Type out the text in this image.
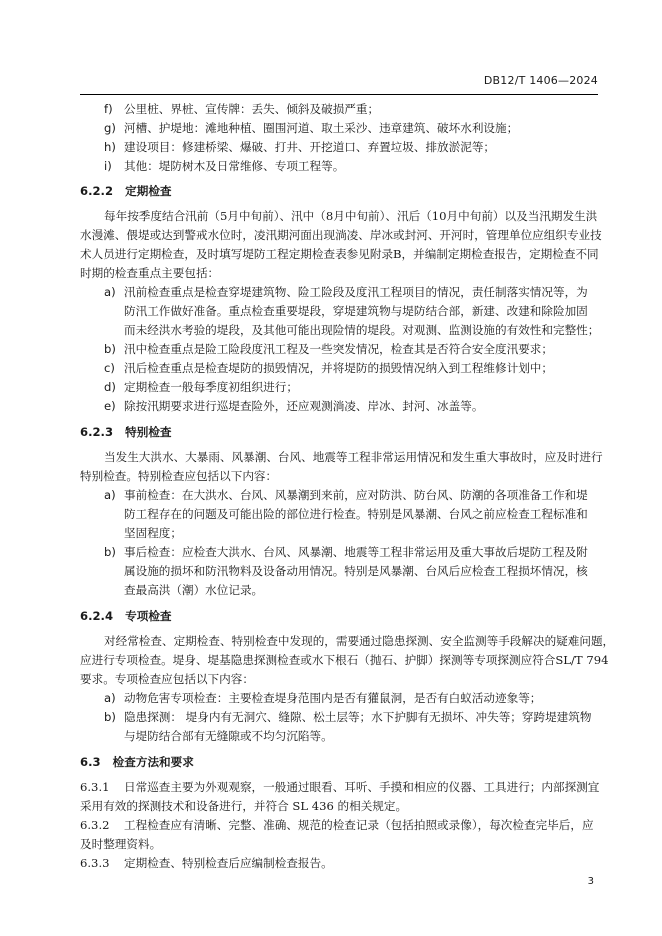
DB12/T 1406—2024
f) 公里桩、界桩、宣传牌：丢失、倾斜及破损严重；
g) 河槽、护堤地：滩地种植、圈围河道、取土采沙、违章建筑、破坏水利设施；
h) 建设项目：修建桥梁、爆破、打井、开挖道口、弃置垃圾、排放淤泥等；
i) 其他：堤防树木及日常维修、专项工程等。
6.2.2 定期检查
每年按季度结合汛前（5月中旬前）、汛中（8月中旬前）、汛后（10月中旬前）以及当汛期发生洪
水漫滩、偎堤或达到警戒水位时，凌汛期河面出现淌凌、岸冰或封河、开河时，管理单位应组织专业技
术人员进行定期检查，及时填写堤防工程定期检查表参见附录B，并编制定期检查报告，定期检查不同
时期的检查重点主要包括：
a) 汛前检查重点是检查穿堤建筑物、险工险段及度汛工程项目的情况，责任制落实情况等，为
防汛工作做好准备。重点检查重要堤段，穿堤建筑物与堤防结合部，新建、改建和除险加固
而未经洪水考验的堤段，及其他可能出现险情的堤段。对观测、监测设施的有效性和完整性；
b) 汛中检查重点是险工险段度汛工程及一些突发情况，检查其是否符合安全度汛要求；
c) 汛后检查重点是检查堤防的损毁情况，并将堤防的损毁情况纳入到工程维修计划中；
d) 定期检查一般每季度初组织进行；
e) 除按汛期要求进行巡堤查险外，还应观测淌凌、岸冰、封河、冰盖等。
6.2.3 特别检查
当发生大洪水、大暴雨、风暴潮、台风、地震等工程非常运用情况和发生重大事故时，应及时进行
特别检查。特别检查应包括以下内容：
a) 事前检查：在大洪水、台风、风暴潮到来前，应对防洪、防台风、防潮的各项准备工作和堤
防工程存在的问题及可能出险的部位进行检查。特别是风暴潮、台风之前应检查工程标准和
坚固程度；
b) 事后检查：应检查大洪水、台风、风暴潮、地震等工程非常运用及重大事故后堤防工程及附
属设施的损坏和防汛物料及设备动用情况。特别是风暴潮、台风后应检查工程损坏情况，核
查最高洪（潮）水位记录。
6.2.4 专项检查
对经常检查、定期检查、特别检查中发现的，需要通过隐患探测、安全监测等手段解决的疑难问题，
应进行专项检查。堤身、堤基隐患探测检查或水下根石（抛石、护脚）探测等专项探测应符合SL/T 794
要求。专项检查应包括以下内容：
a) 动物危害专项检查：主要检查堤身范围内是否有獾鼠洞，是否有白蚁活动迹象等；
b) 隐患探测： 堤身内有无洞穴、缝隙、松土层等；水下护脚有无损坏、冲失等；穿跨堤建筑物
与堤防结合部有无缝隙或不均匀沉陷等。
6.3 检查方法和要求
6.3.1 日常巡查主要为外观观察，一般通过眼看、耳听、手摸和相应的仪器、工具进行；内部探测宜
采用有效的探测技术和设备进行，并符合 SL 436 的相关规定。
6.3.2 工程检查应有清晰、完整、准确、规范的检查记录（包括拍照或录像），每次检查完毕后，应
及时整理资料。
6.3.3 定期检查、特别检查后应编制检查报告。
3
